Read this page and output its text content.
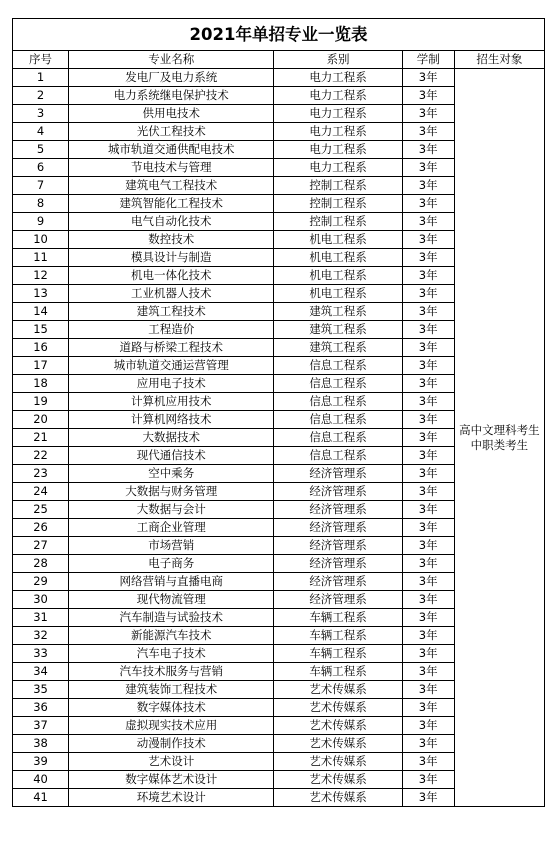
2021年单招专业一览表				
序号	专业名称	系别	学制	招生对象
1	发电厂及电力系统	电力工程系	3年	高中文理科考生
中职类考生

2	电力系统继电保护技术	电力工程系	3年	
3	供用电技术	电力工程系	3年	
4	光伏工程技术	电力工程系	3年	
5	城市轨道交通供配电技术	电力工程系	3年	
6	节电技术与管理	电力工程系	3年	
7	建筑电气工程技术	控制工程系	3年	
8	建筑智能化工程技术	控制工程系	3年	
9	电气自动化技术	控制工程系	3年	
10	数控技术	机电工程系	3年	
11	模具设计与制造	机电工程系	3年	
12	机电一体化技术	机电工程系	3年	
13	工业机器人技术	机电工程系	3年	
14	建筑工程技术	建筑工程系	3年	
15	工程造价	建筑工程系	3年	
16	道路与桥梁工程技术	建筑工程系	3年	
17	城市轨道交通运营管理	信息工程系	3年	
18	应用电子技术	信息工程系	3年	
19	计算机应用技术	信息工程系	3年	
20	计算机网络技术	信息工程系	3年	
21	大数据技术	信息工程系	3年	
22	现代通信技术	信息工程系	3年	
23	空中乘务	经济管理系	3年	
24	大数据与财务管理	经济管理系	3年	
25	大数据与会计	经济管理系	3年	
26	工商企业管理	经济管理系	3年	
27	市场营销	经济管理系	3年	
28	电子商务	经济管理系	3年	
29	网络营销与直播电商	经济管理系	3年	
30	现代物流管理	经济管理系	3年	
31	汽车制造与试验技术	车辆工程系	3年	
32	新能源汽车技术	车辆工程系	3年	
33	汽车电子技术	车辆工程系	3年	
34	汽车技术服务与营销	车辆工程系	3年	
35	建筑装饰工程技术	艺术传媒系	3年	
36	数字媒体技术	艺术传媒系	3年	
37	虚拟现实技术应用	艺术传媒系	3年	
38	动漫制作技术	艺术传媒系	3年	
39	艺术设计	艺术传媒系	3年	
40	数字媒体艺术设计	艺术传媒系	3年	
41	环境艺术设计	艺术传媒系	3年	
